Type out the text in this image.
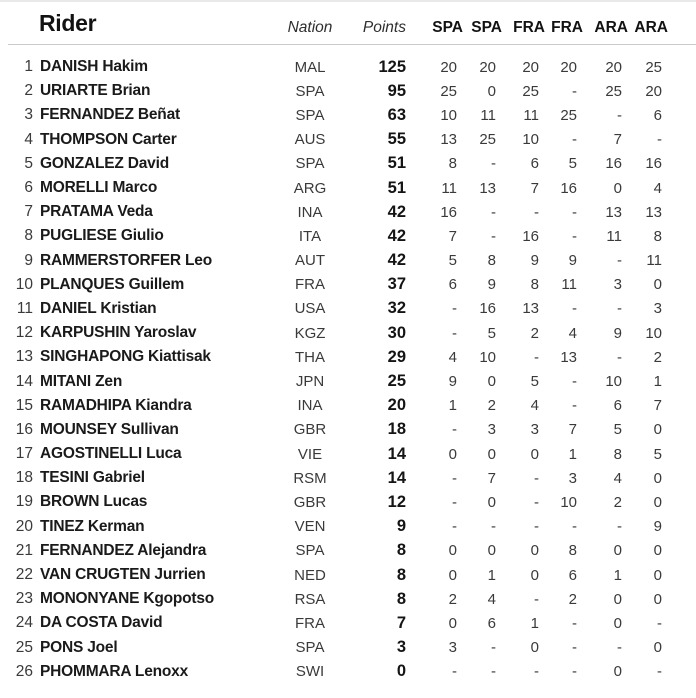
Rider	Nation	Points	SPA SPA FRA FRA ARA ARA
1 DANISH Hakim	MAL	125	20	20	20	20	20	25
2 URIARTE Brian	SPA	95	25	0	25	-	25	20
3 FERNANDEZ Beñat	SPA	63	10	11	11	25	-	6
4 THOMPSON Carter	AUS	55	13	25	10	-	7	-
5 GONZALEZ David	SPA	51	8	-	6	5	16	16
6 MORELLI Marco	ARG	51	11	13	7	16	0	4
7 PRATAMA Veda	INA	42	16	-	-	-	13	13
8 PUGLIESE Giulio	ITA	42	7	-	16	-	11	8
9 RAMMERSTORFER Leo	AUT	42	5	8	9	9	-	11
10 PLANQUES Guillem	FRA	37	6	9	8	11	3	0
11 DANIEL Kristian	USA	32	-	16	13	-	-	3
12 KARPUSHIN Yaroslav	KGZ	30	-	5	2	4	9	10
13 SINGHAPONG Kiattisak	THA	29	4	10	-	13	-	2
14 MITANI Zen	JPN	25	9	0	5	-	10	1
15 RAMADHIPA Kiandra	INA	20	1	2	4	-	6	7
16 MOUNSEY Sullivan	GBR	18	-	3	3	7	5	0
17 AGOSTINELLI Luca	VIE	14	0	0	0	1	8	5
18 TESINI Gabriel	RSM	14	-	7	-	3	4	0
19 BROWN Lucas	GBR	12	-	0	-	10	2	0
20 TINEZ Kerman	VEN	9	-	-	-	-	-	9
21 FERNANDEZ Alejandra	SPA	8	0	0	0	8	0	0
22 VAN CRUGTEN Jurrien	NED	8	0	1	0	6	1	0
23 MONONYANE Kgopotso	RSA	8	2	4	-	2	0	0
24 DA COSTA David	FRA	7	0	6	1	-	0	-
25 PONS Joel	SPA	3	3	-	0	-	-	0
26 PHOMMARA Lenoxx	SWI	0	-	-	-	-	0	-
